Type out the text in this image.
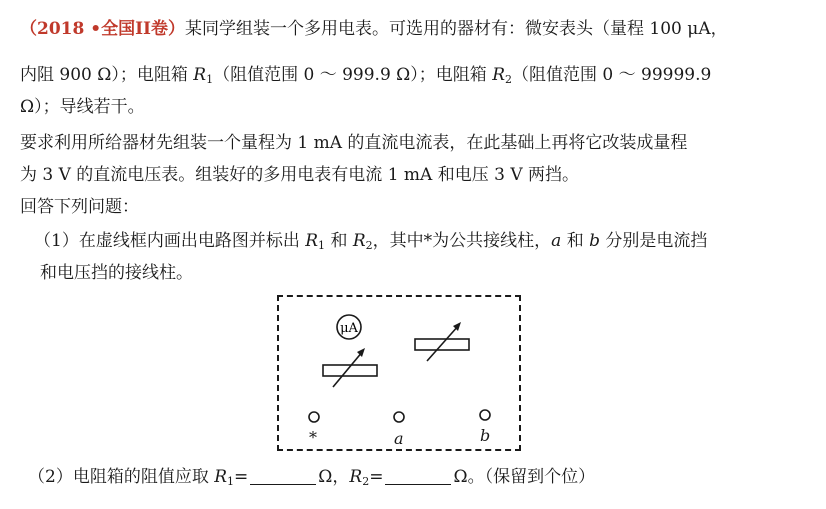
（2018 •全国II卷）某同学组装一个多用电表。可选用的器材有：微安表头（量程 100 μA，
内阻 900 Ω）；电阻箱 $R_1$（阻值范围 0 ～ 999.9 Ω）；电阻箱 $R_2$（阻值范围 0 ～ 99999.9
Ω）；导线若干。
要求利用所给器材先组装一个量程为 1 mA 的直流电流表，在此基础上再将它改装成量程
为 3 V 的直流电压表。组装好的多用电表有电流 1 mA 和电压 3 V 两挡。
回答下列问题：
（1）在虚线框内画出电路图并标出 $R_1$ 和 $R_2$，其中*为公共接线柱，a 和 b 分别是电流挡
和电压挡的接线柱。
μA
*	a	b
（2）电阻箱的阻值应取 $R_1=$	Ω，$R_2=$	Ω。（保留到个位）
